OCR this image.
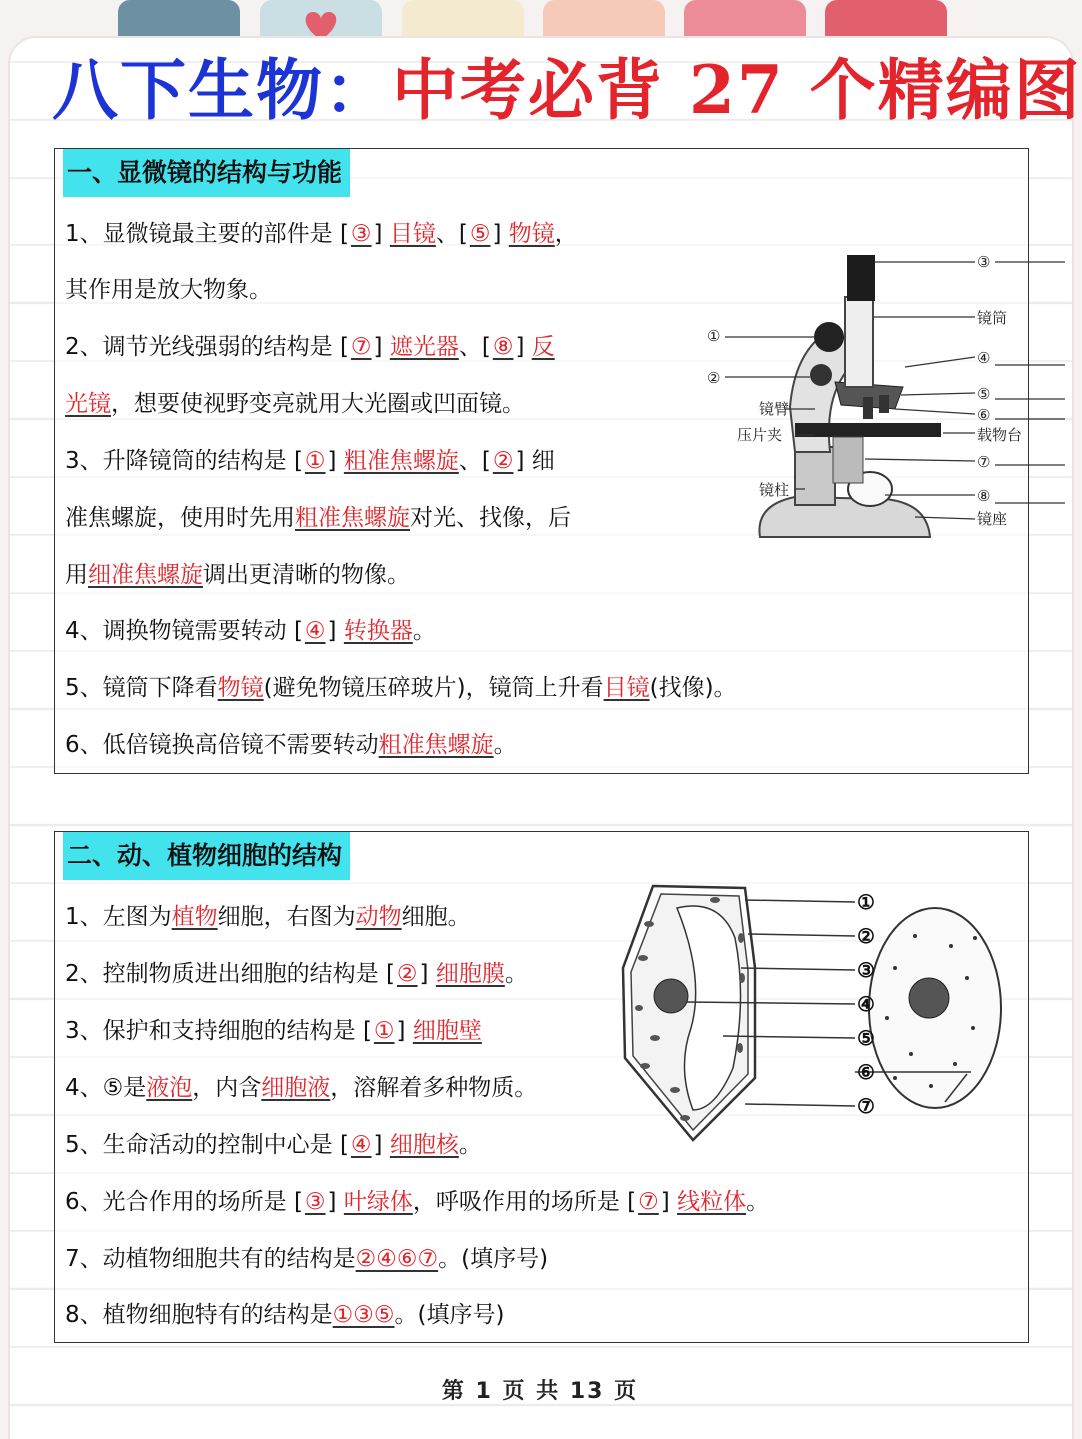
八下生物：中考必背 27 个精编图
一、显微镜的结构与功能
1、显微镜最主要的部件是 [③] 目镜、[⑤] 物镜，
其作用是放大物象。
2、调节光线强弱的结构是 [⑦] 遮光器、[⑧] 反
光镜，想要使视野变亮就用大光圈或凹面镜。
3、升降镜筒的结构是 [①] 粗准焦螺旋、[②] 细
准焦螺旋，使用时先用粗准焦螺旋对光、找像，后
用细准焦螺旋调出更清晰的物像。
4、调换物镜需要转动 [④] 转换器。
5、镜筒下降看物镜(避免物镜压碎玻片)，镜筒上升看目镜(找像)。
6、低倍镜换高倍镜不需要转动粗准焦螺旋。
③
镜筒
①
②
④
镜臂
⑤
⑥
压片夹	载物台
⑦
镜柱	⑧
镜座
二、动、植物细胞的结构
1、左图为植物细胞，右图为动物细胞。
2、控制物质进出细胞的结构是 [②] 细胞膜。
3、保护和支持细胞的结构是 [①] 细胞壁
4、⑤是液泡，内含细胞液，溶解着多种物质。
5、生命活动的控制中心是 [④] 细胞核。
6、光合作用的场所是 [③] 叶绿体，呼吸作用的场所是 [⑦] 线粒体。
7、动植物细胞共有的结构是②④⑥⑦。(填序号)
8、植物细胞特有的结构是①③⑤。(填序号)
①
②
③
④
⑤
⑥
⑦
第 1 页 共 13 页
